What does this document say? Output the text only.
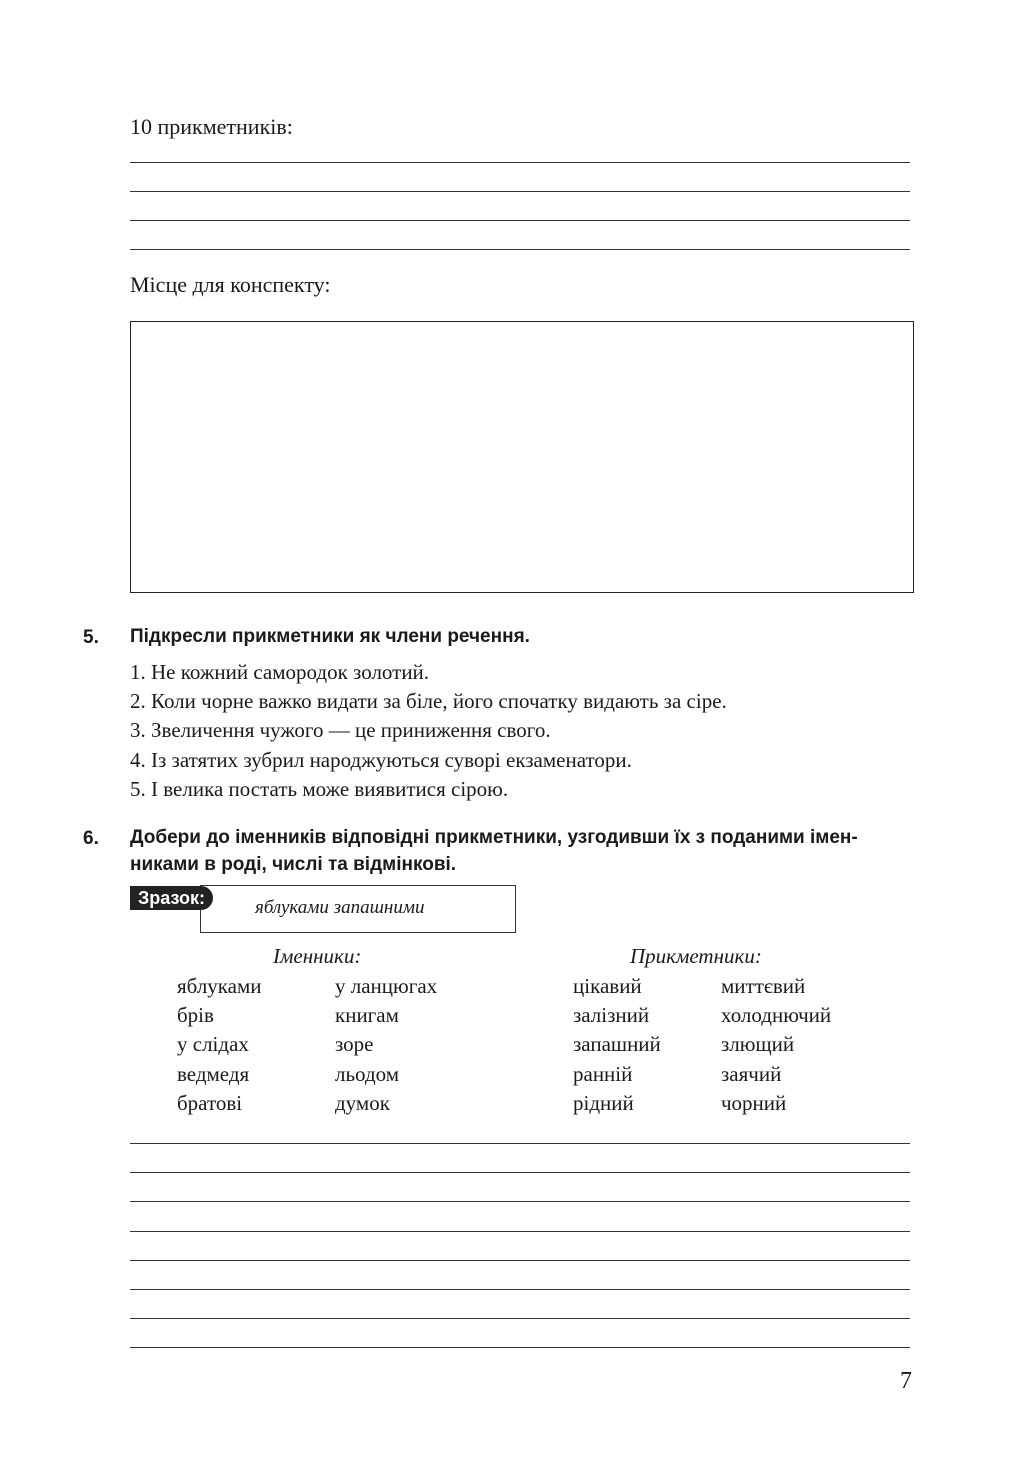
10 прикметників:
Місце для конспекту:
5. Підкресли прикметники як члени речення.
1. Не кожний самородок золотий.
2. Коли чорне важко видати за біле, його спочатку видають за сіре.
3. Звеличення чужого — це приниження свого.
4. Із затятих зубрил народжуються суворі екзаменатори.
5. І велика постать може виявитися сірою.
6. Добери до іменників відповідні прикметники, узгодивши їх з поданими імен-
никами в роді, числі та відмінкові.
Зразок:	яблуками запашними
Іменники:	Прикметники:
яблуками
брів
у слідах
ведмедя
братові
у ланцюгах
книгам
зоре
льодом
думок
цікавий
залізний
запашний
ранній
рідний
миттєвий
холоднючий
злющий
заячий
чорний
7
